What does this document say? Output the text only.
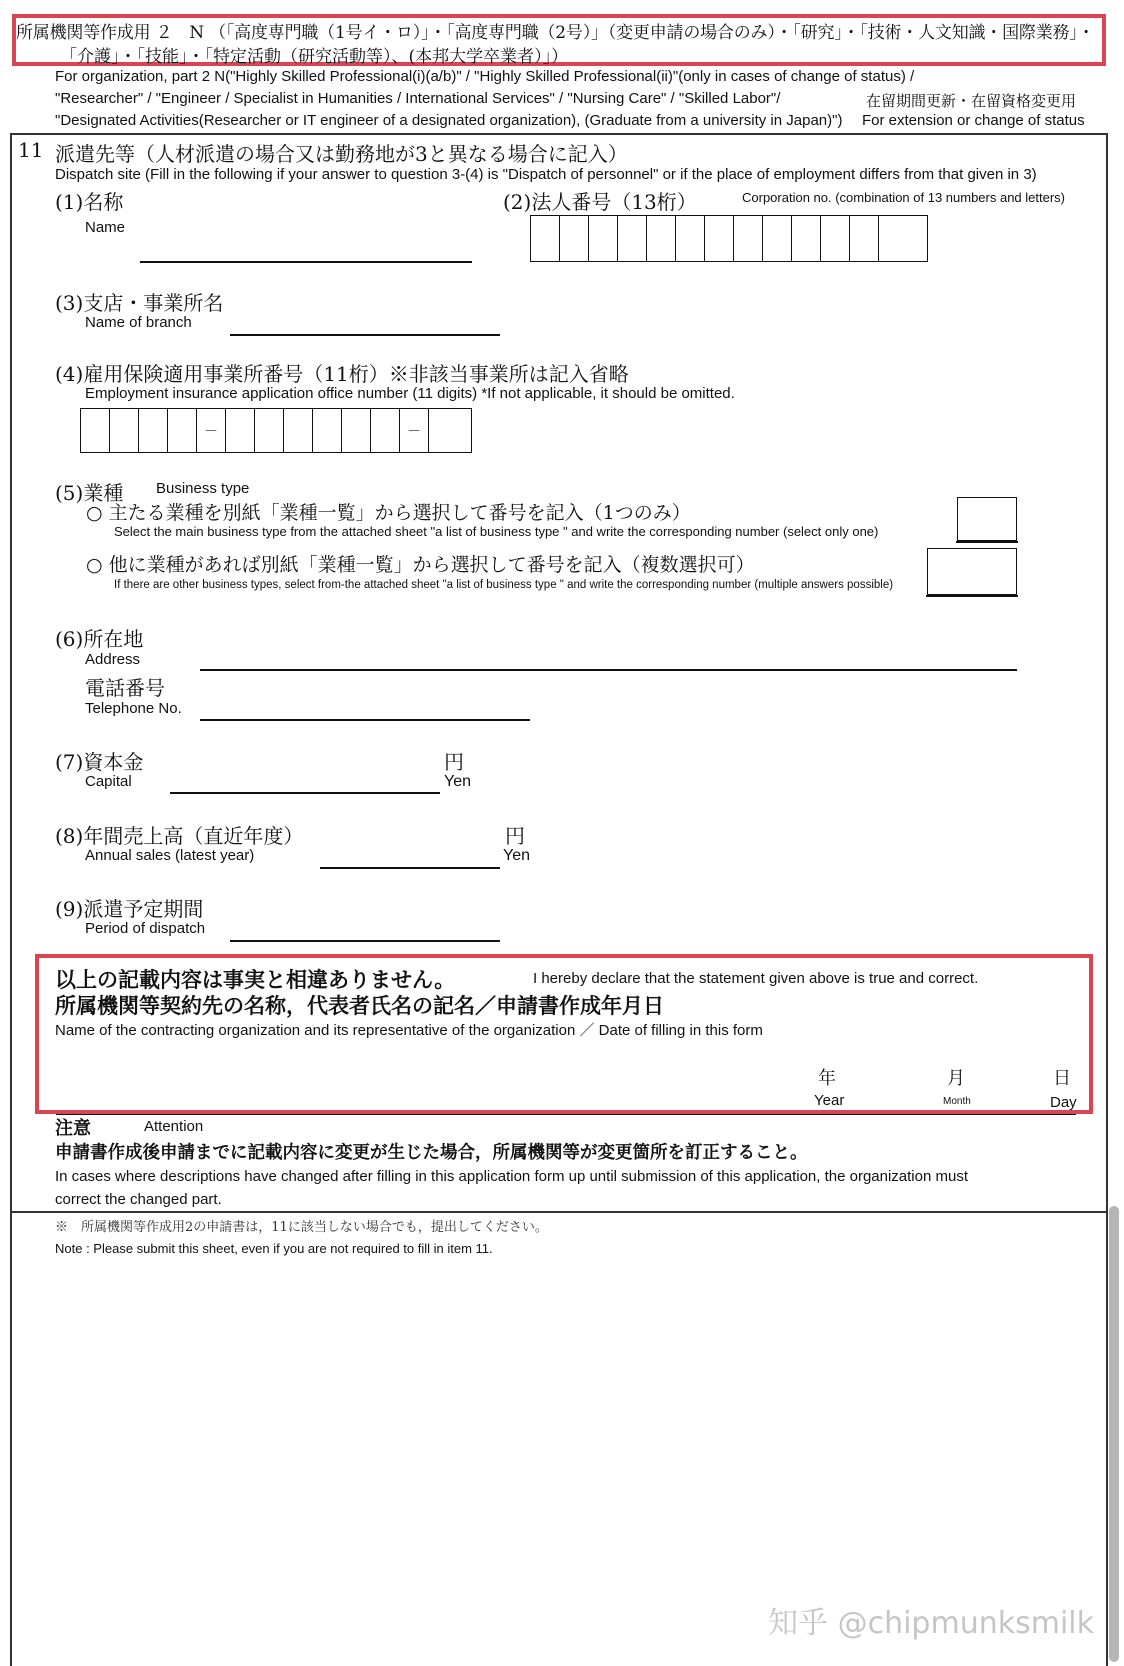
所属機関等作成用 ２　N （「高度専門職（1号イ・ロ）」・「高度専門職（2号）」（変更申請の場合のみ）・「研究」・「技術・人文知識・国際業務」・
「介護」・「技能」・「特定活動（研究活動等）、(本邦大学卒業者）」）
For organization, part 2 N("Highly Skilled Professional(i)(a/b)" / "Highly Skilled Professional(ii)"(only in cases of change of status) /
"Researcher" / "Engineer / Specialist in Humanities / International Services" / "Nursing Care" / "Skilled Labor"/
"Designated Activities(Researcher or IT engineer of a designated organization), (Graduate from a university in Japan)")
在留期間更新・在留資格変更用
For extension or change of status
11 派遣先等（人材派遣の場合又は勤務地が3と異なる場合に記入）
Dispatch site (Fill in the following if your answer to question 3-(4) is "Dispatch of personnel" or if the place of employment differs from that given in 3)
(1)名称
Name
(2)法人番号（13桁）	Corporation no. (combination of 13 numbers and letters)
(3)支店・事業所名
Name of branch
(4)雇用保険適用事業所番号（11桁）※非該当事業所は記入省略
Employment insurance application office number (11 digits) *If not applicable, it should be omitted.
－	－
(5)業種 Business type
○ 主たる業種を別紙「業種一覧」から選択して番号を記入（1つのみ）
Select the main business type from the attached sheet "a list of business type " and write the corresponding number (select only one)
○ 他に業種があれば別紙「業種一覧」から選択して番号を記入（複数選択可）
If there are other business types, select from-the attached sheet "a list of business type " and write the corresponding number (multiple answers possible)
(6)所在地
Address
電話番号
Telephone No.
(7)資本金
Capital
円
Yen
(8)年間売上高（直近年度）
Annual sales (latest year)
円
Yen
(9)派遣予定期間
Period of dispatch
以上の記載内容は事実と相違ありません。	I hereby declare that the statement given above is true and correct.
所属機関等契約先の名称，代表者氏名の記名／申請書作成年月日
Name of the contracting organization and its representative of the organization ／ Date of filling in this form
年
Year
月
Month
日
Day
注意	Attention
申請書作成後申請までに記載内容に変更が生じた場合，所属機関等が変更箇所を訂正すること。
In cases where descriptions have changed after filling in this application form up until submission of this application, the organization must
correct the changed part.
※　所属機関等作成用2の申請書は，11に該当しない場合でも，提出してください。
Note : Please submit this sheet, even if you are not required to fill in item 11.
知乎 @chipmunksmilk
